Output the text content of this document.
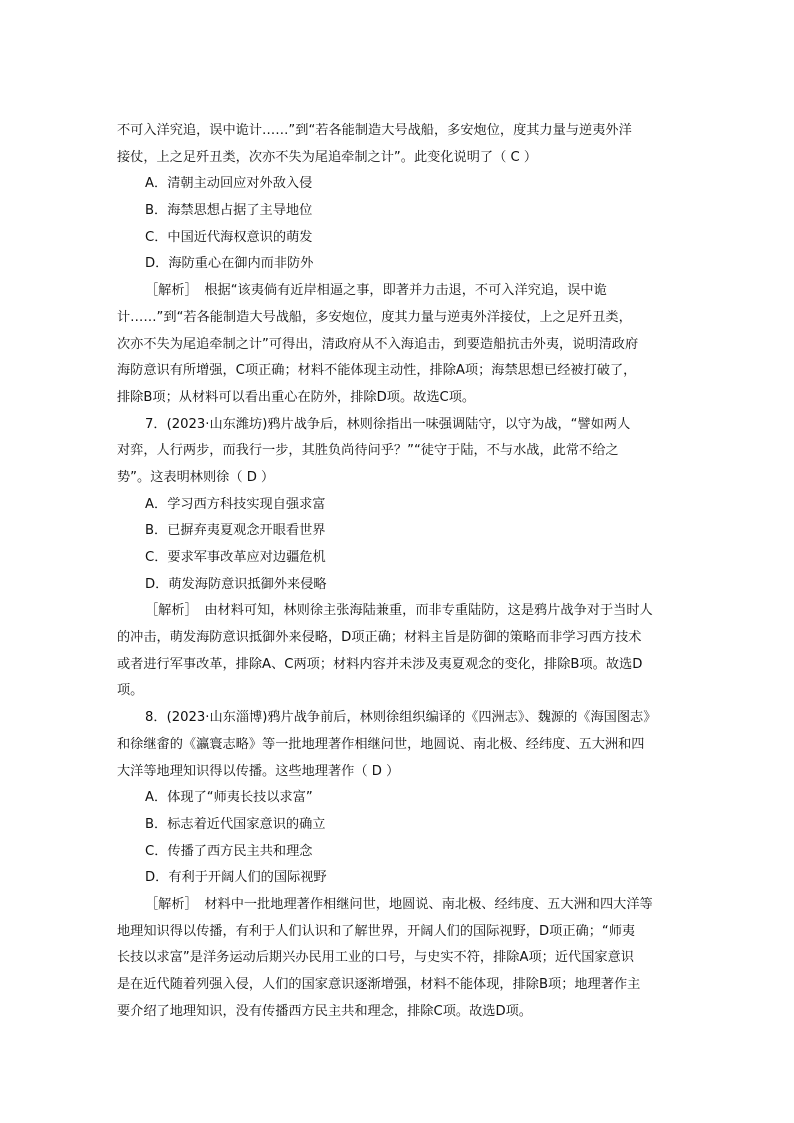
不可入洋究追，误中诡计……”到“若各能制造大号战船，多安炮位，度其力量与逆夷外洋
接仗，上之足歼丑类，次亦不失为尾追牵制之计”。此变化说明了（ C ）
A．清朝主动回应对外敌入侵
B．海禁思想占据了主导地位
C．中国近代海权意识的萌发
D．海防重心在御内而非防外
［解析］　根据“该夷倘有近岸相逼之事，即著并力击退，不可入洋究追，误中诡
计……”到“若各能制造大号战船，多安炮位，度其力量与逆夷外洋接仗，上之足歼丑类，
次亦不失为尾追牵制之计”可得出，清政府从不入海追击，到要造船抗击外夷，说明清政府
海防意识有所增强，C项正确；材料不能体现主动性，排除A项；海禁思想已经被打破了，
排除B项；从材料可以看出重心在防外，排除D项。故选C项。
7．(2023·山东潍坊)鸦片战争后，林则徐指出一味强调陆守，以守为战，“譬如两人
对弈，人行两步，而我行一步，其胜负尚待问乎？”“徒守于陆，不与水战，此常不给之
势”。这表明林则徐（ D ）
A．学习西方科技实现自强求富
B．已摒弃夷夏观念开眼看世界
C．要求军事改革应对边疆危机
D．萌发海防意识抵御外来侵略
［解析］　由材料可知，林则徐主张海陆兼重，而非专重陆防，这是鸦片战争对于当时人
的冲击，萌发海防意识抵御外来侵略，D项正确；材料主旨是防御的策略而非学习西方技术
或者进行军事改革，排除A、C两项；材料内容并未涉及夷夏观念的变化，排除B项。故选D
项。
8．(2023·山东淄博)鸦片战争前后，林则徐组织编译的《四洲志》、魏源的《海国图志》
和徐继畬的《瀛寰志略》等一批地理著作相继问世，地圆说、南北极、经纬度、五大洲和四
大洋等地理知识得以传播。这些地理著作（ D ）
A．体现了“师夷长技以求富”
B．标志着近代国家意识的确立
C．传播了西方民主共和理念
D．有利于开阔人们的国际视野
［解析］　材料中一批地理著作相继问世，地圆说、南北极、经纬度、五大洲和四大洋等
地理知识得以传播，有利于人们认识和了解世界，开阔人们的国际视野，D项正确；“师夷
长技以求富”是洋务运动后期兴办民用工业的口号，与史实不符，排除A项；近代国家意识
是在近代随着列强入侵，人们的国家意识逐渐增强，材料不能体现，排除B项；地理著作主
要介绍了地理知识，没有传播西方民主共和理念，排除C项。故选D项。
